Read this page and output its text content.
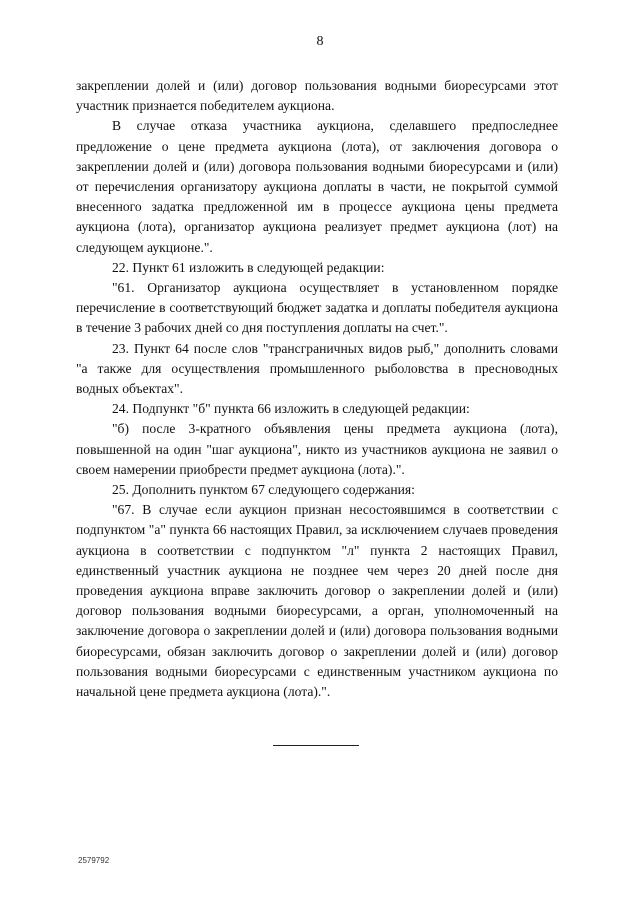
8

закреплении долей и (или) договор пользования водными биоресурсами этот участник признается победителем аукциона.

В случае отказа участника аукциона, сделавшего предпоследнее предложение о цене предмета аукциона (лота), от заключения договора о закреплении долей и (или) договора пользования водными биоресурсами и (или) от перечисления организатору аукциона доплаты в части, не покрытой суммой внесенного задатка предложенной им в процессе аукциона цены предмета аукциона (лота), организатор аукциона реализует предмет аукциона (лот) на следующем аукционе.".

22. Пункт 61 изложить в следующей редакции:

"61. Организатор аукциона осуществляет в установленном порядке перечисление в соответствующий бюджет задатка и доплаты победителя аукциона в течение 3 рабочих дней со дня поступления доплаты на счет.".

23. Пункт 64 после слов "трансграничных видов рыб," дополнить словами "а также для осуществления промышленного рыболовства в пресноводных водных объектах".

24. Подпункт "б" пункта 66 изложить в следующей редакции:

"б) после 3-кратного объявления цены предмета аукциона (лота), повышенной на один "шаг аукциона", никто из участников аукциона не заявил о своем намерении приобрести предмет аукциона (лота).".

25. Дополнить пунктом 67 следующего содержания:

"67. В случае если аукцион признан несостоявшимся в соответствии с подпунктом "а" пункта 66 настоящих Правил, за исключением случаев проведения аукциона в соответствии с подпунктом "л" пункта 2 настоящих Правил, единственный участник аукциона не позднее чем через 20 дней после дня проведения аукциона вправе заключить договор о закреплении долей и (или) договор пользования водными биоресурсами, а орган, уполномоченный на заключение договора о закреплении долей и (или) договора пользования водными биоресурсами, обязан заключить договор о закреплении долей и (или) договор пользования водными биоресурсами с единственным участником аукциона по начальной цене предмета аукциона (лота).".

2579792
